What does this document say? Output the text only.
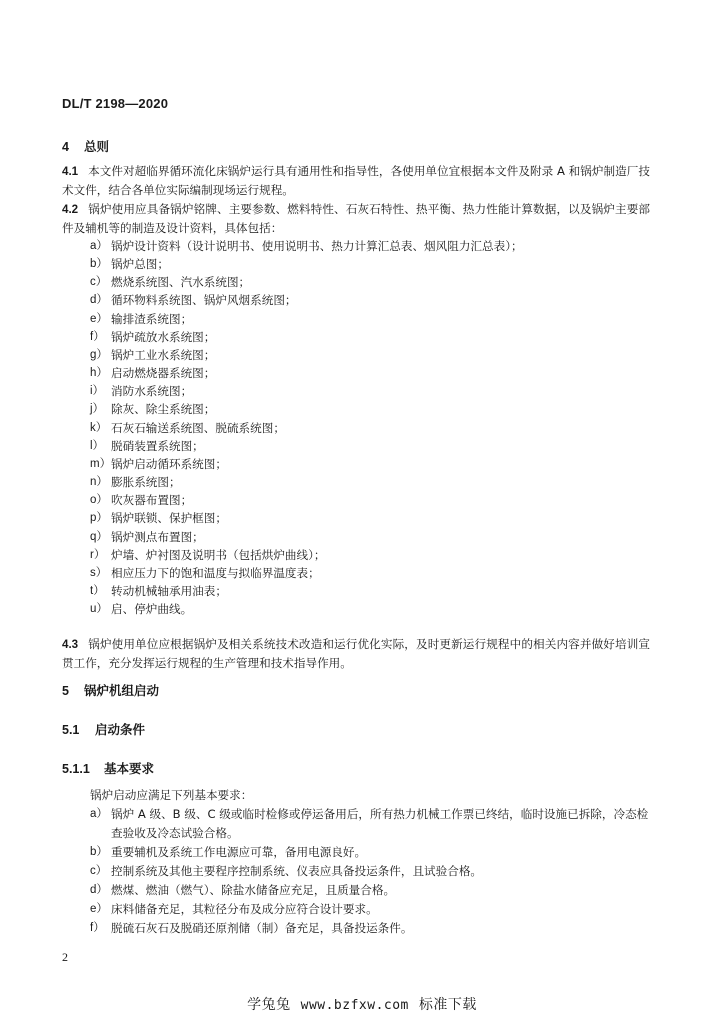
DL/T 2198—2020
4 总则
4.1 本文件对超临界循环流化床锅炉运行具有通用性和指导性，各使用单位宜根据本文件及附录 A 和锅炉制造厂技术文件，结合各单位实际编制现场运行规程。
4.2 锅炉使用应具备锅炉铭牌、主要参数、燃料特性、石灰石特性、热平衡、热力性能计算数据，以及锅炉主要部件及辅机等的制造及设计资料，具体包括：
a） 锅炉设计资料（设计说明书、使用说明书、热力计算汇总表、烟风阻力汇总表）；
b） 锅炉总图；
c） 燃烧系统图、汽水系统图；
d） 循环物料系统图、锅炉风烟系统图；
e） 输排渣系统图；
f） 锅炉疏放水系统图；
g） 锅炉工业水系统图；
h） 启动燃烧器系统图；
i） 消防水系统图；
j） 除灰、除尘系统图；
k） 石灰石输送系统图、脱硫系统图；
l） 脱硝装置系统图；
m） 锅炉启动循环系统图；
n） 膨胀系统图；
o） 吹灰器布置图；
p） 锅炉联锁、保护框图；
q） 锅炉测点布置图；
r） 炉墙、炉衬图及说明书（包括烘炉曲线）；
s） 相应压力下的饱和温度与拟临界温度表；
t） 转动机械轴承用油表；
u） 启、停炉曲线。
4.3 锅炉使用单位应根据锅炉及相关系统技术改造和运行优化实际，及时更新运行规程中的相关内容并做好培训宣贯工作，充分发挥运行规程的生产管理和技术指导作用。
5 锅炉机组启动
5.1 启动条件
5.1.1 基本要求
锅炉启动应满足下列基本要求：
a） 锅炉 A 级、B 级、C 级或临时检修或停运备用后，所有热力机械工作票已终结，临时设施已拆除，冷态检查验收及冷态试验合格。
b） 重要辅机及系统工作电源应可靠，备用电源良好。
c） 控制系统及其他主要程序控制系统、仪表应具备投运条件，且试验合格。
d） 燃煤、燃油（燃气）、除盐水储备应充足，且质量合格。
e） 床料储备充足，其粒径分布及成分应符合设计要求。
f） 脱硫石灰石及脱硝还原剂储（制）备充足，具备投运条件。
2
学兔兔 www.bzfxw.com 标准下载
